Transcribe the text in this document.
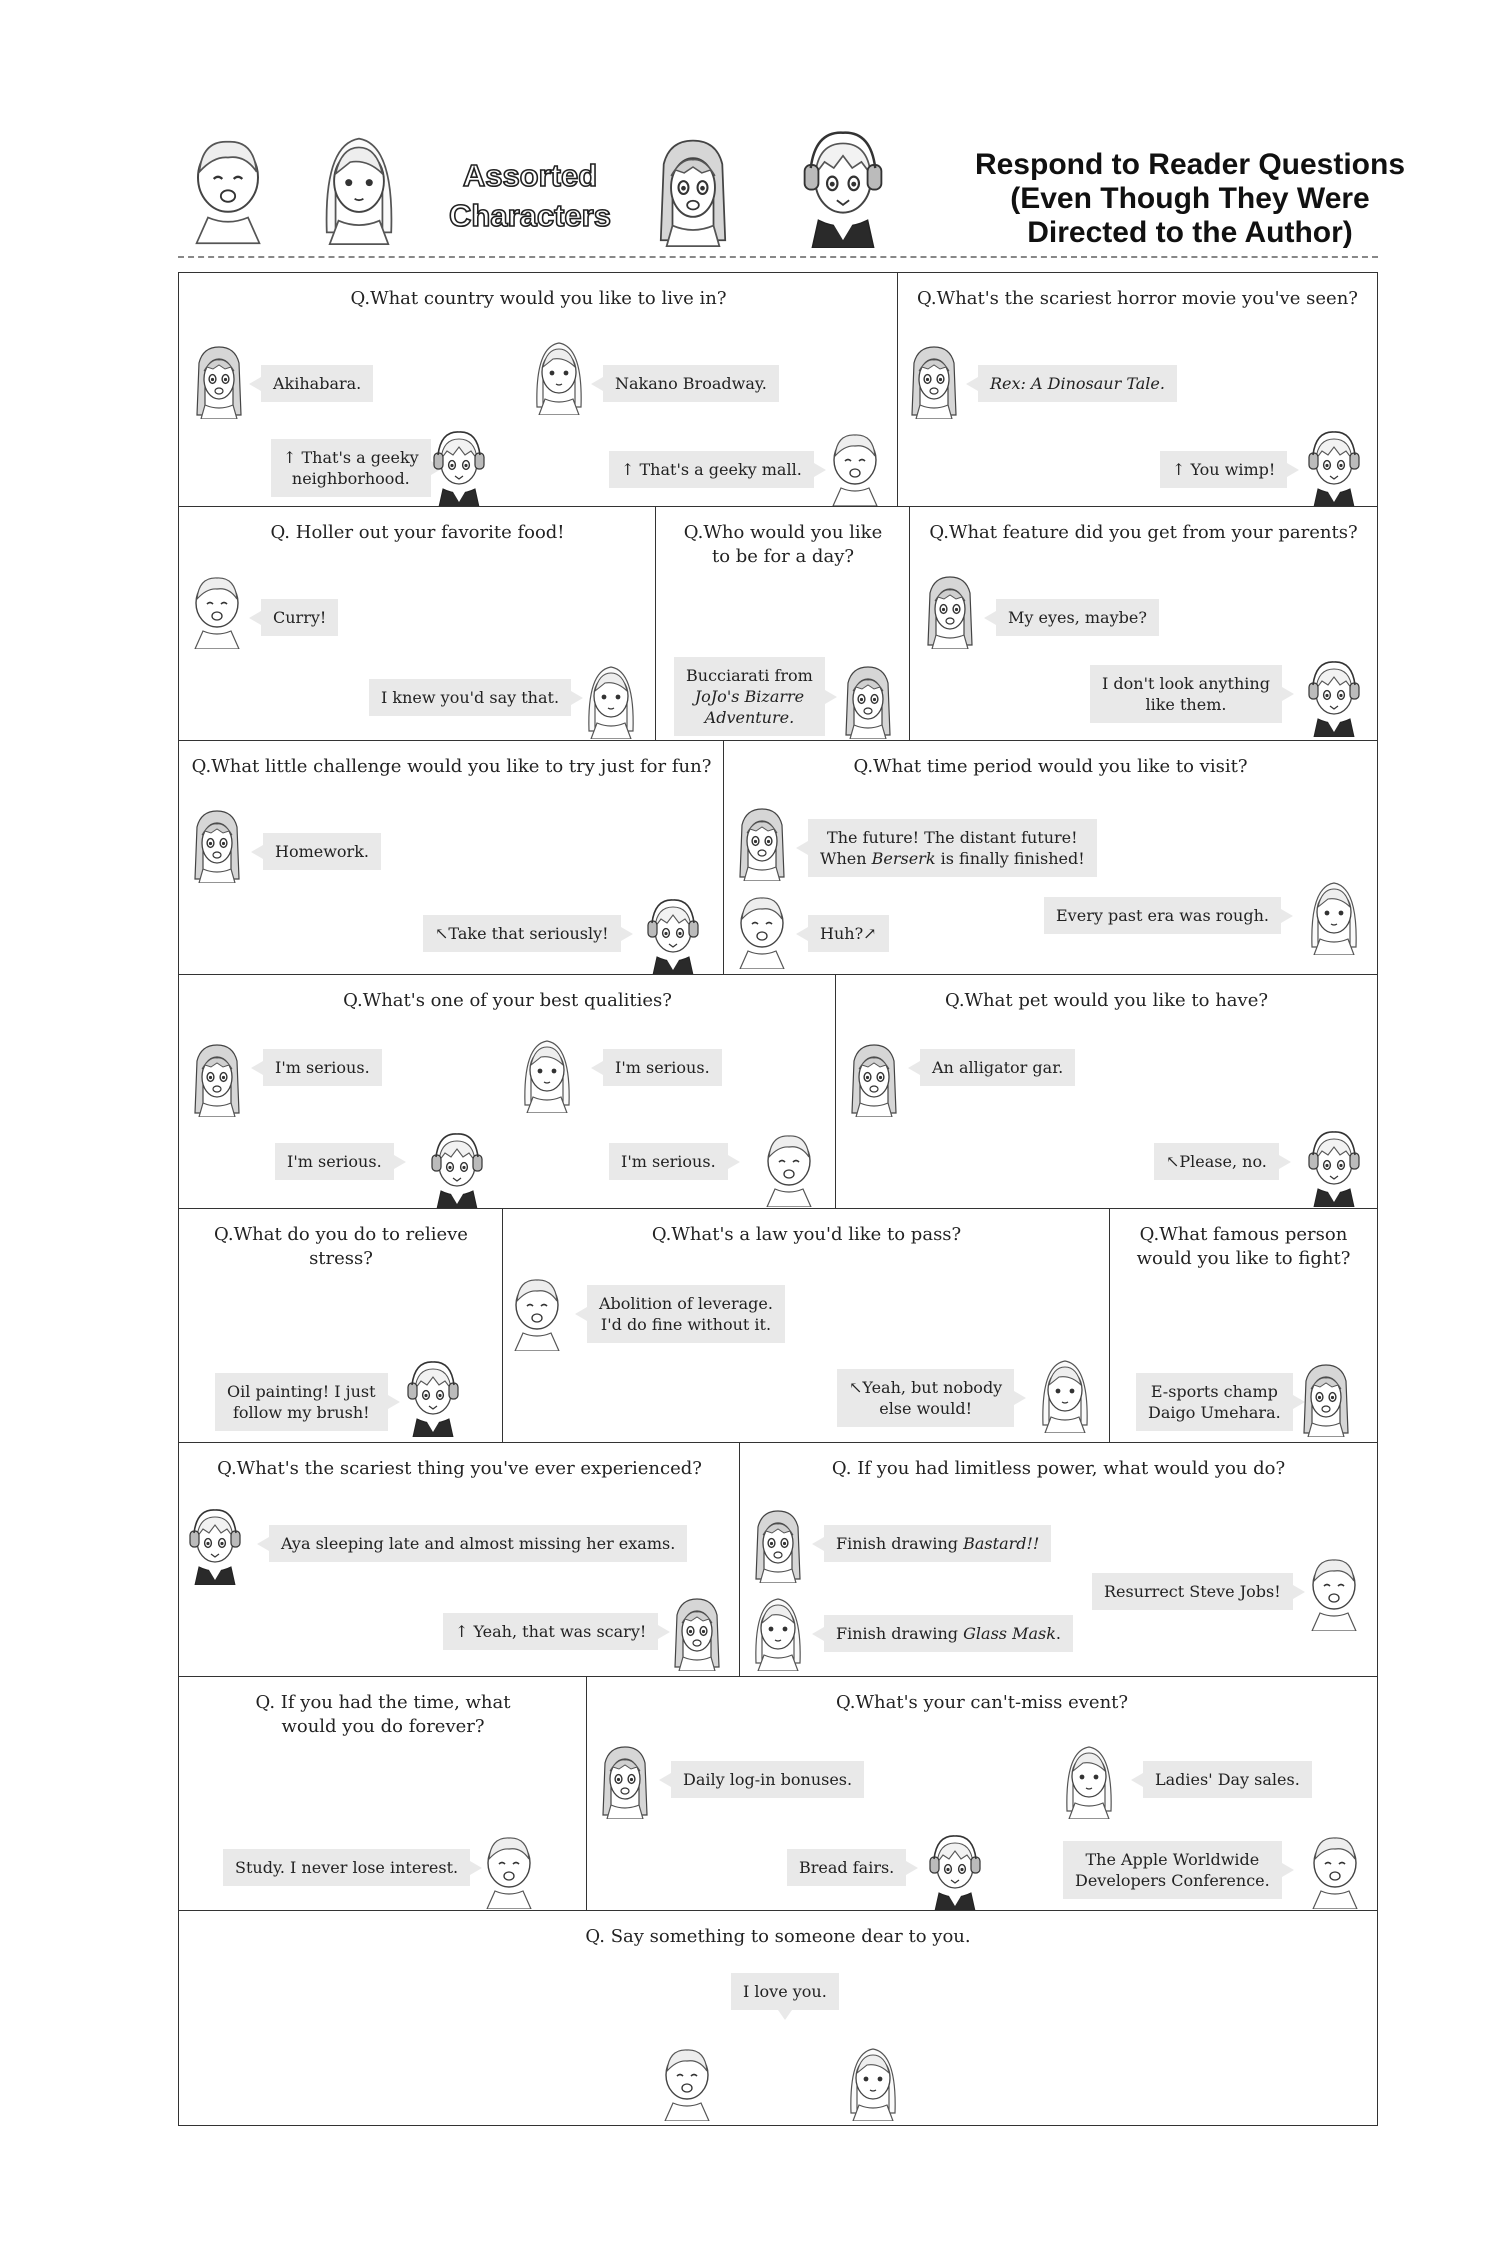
Assorted
Characters
Respond to Reader Questions
(Even Though They Were
Directed to the Author)
Q.What country would you like to live in?
Akihabara.	Nakano Broadway.
↑ That's a geeky
neighborhood.	↑ That's a geeky mall.
Q.What's the scariest horror movie you've seen?
Rex: A Dinosaur Tale.
↑ You wimp!
Q. Holler out your favorite food!
Curry!
I knew you'd say that.
Q.Who would you like
to be for a day?
Bucciarati from
JoJo's Bizarre
Adventure.
Q.What feature did you get from your parents?
My eyes, maybe?
I don't look anything
like them.
Q.What little challenge would you like to try just for fun?
Homework.
↖Take that seriously!
Q.What time period would you like to visit?
The future! The distant future!
When Berserk is finally finished!
Huh?↗
Every past era was rough.
Q.What's one of your best qualities?
I'm serious.	I'm serious.
I'm serious.	I'm serious.
Q.What pet would you like to have?
An alligator gar.
↖Please, no.
Q.What do you do to relieve stress?
Oil painting! I just
follow my brush!
Q.What's a law you'd like to pass?
Abolition of leverage.
I'd do fine without it.
↖Yeah, but nobody
else would!
Q.What famous person
would you like to fight?
E-sports champ
Daigo Umehara.
Q.What's the scariest thing you've ever experienced?
Aya sleeping late and almost missing her exams.
↑ Yeah, that was scary!
Q. If you had limitless power, what would you do?
Finish drawing Bastard!!
Resurrect Steve Jobs!
Finish drawing Glass Mask.
Q. If you had the time, what
would you do forever?
Study. I never lose interest.
Q.What's your can't-miss event?
Daily log-in bonuses.	Ladies' Day sales.
Bread fairs.	The Apple Worldwide
Developers Conference.
Q. Say something to someone dear to you.
I love you.
